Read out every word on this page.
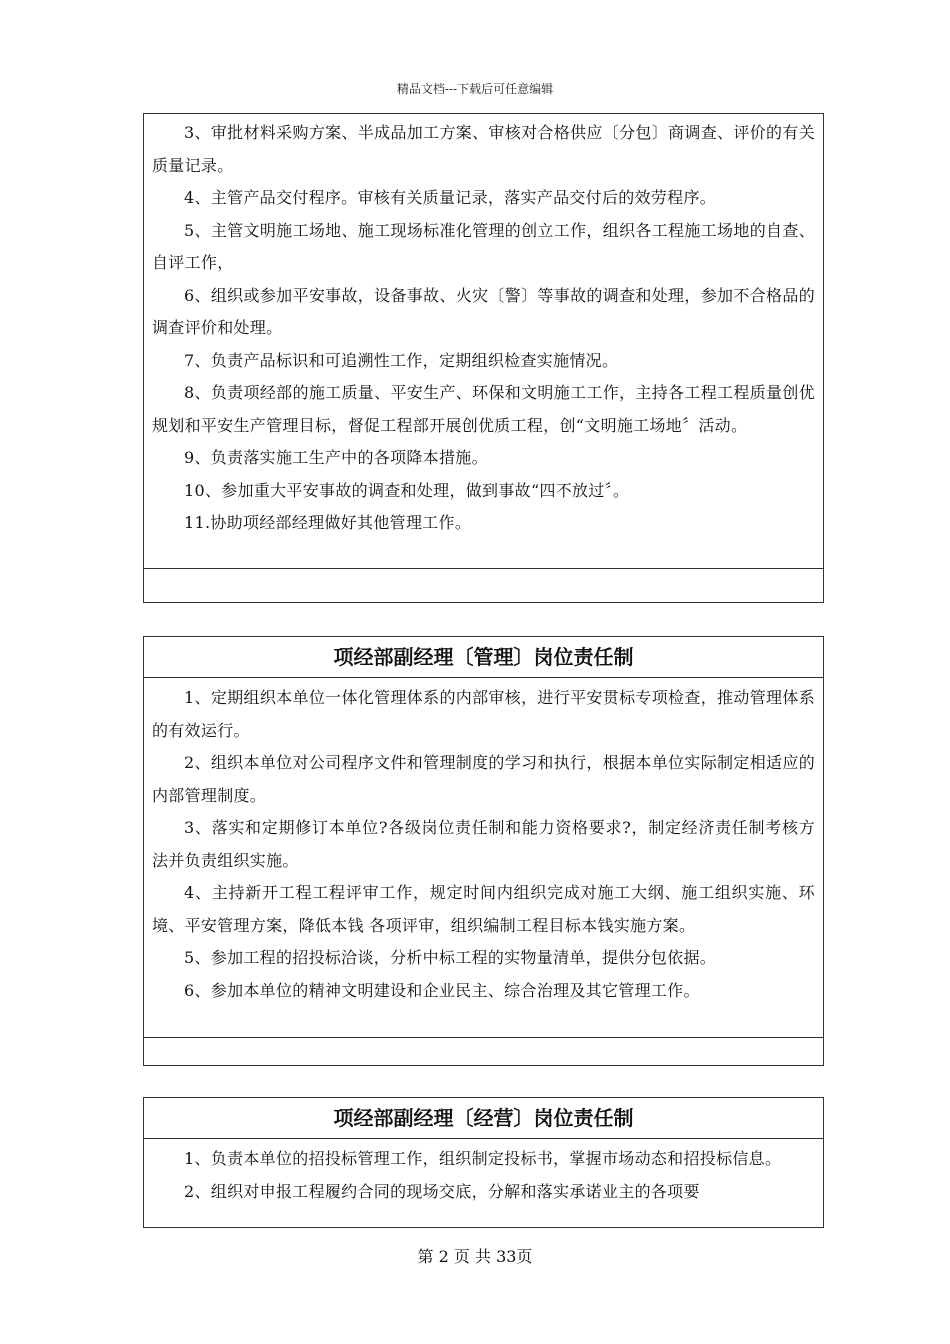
精品文档---下载后可任意编辑

3、审批材料采购方案、半成品加工方案、审核对合格供应〔分包〕商调查、评价的有关质量记录。

4、主管产品交付程序。审核有关质量记录，落实产品交付后的效劳程序。

5、主管文明施工场地、施工现场标准化管理的创立工作，组织各工程施工场地的自查、自评工作，

6、组织或参加平安事故，设备事故、火灾〔警〕等事故的调查和处理，参加不合格品的调查评价和处理。

7、负责产品标识和可追溯性工作，定期组织检查实施情况。

8、负责项经部的施工质量、平安生产、环保和文明施工工作，主持各工程工程质量创优规划和平安生产管理目标，督促工程部开展创优质工程，创“文明施工场地〞活动。

9、负责落实施工生产中的各项降本措施。

10、参加重大平安事故的调查和处理，做到事故“四不放过〞。

11.协助项经部经理做好其他管理工作。

项经部副经理〔管理〕岗位责任制

1、定期组织本单位一体化管理体系的内部审核，进行平安贯标专项检查，推动管理体系的有效运行。

2、组织本单位对公司程序文件和管理制度的学习和执行，根据本单位实际制定相适应的内部管理制度。

3、落实和定期修订本单位?各级岗位责任制和能力资格要求?，制定经济责任制考核方法并负责组织实施。

4、主持新开工程工程评审工作，规定时间内组织完成对施工大纲、施工组织实施、环境、平安管理方案，降低本钱 各项评审，组织编制工程目标本钱实施方案。

5、参加工程的招投标洽谈，分析中标工程的实物量清单，提供分包依据。

6、参加本单位的精神文明建设和企业民主、综合治理及其它管理工作。

项经部副经理〔经营〕岗位责任制

1、负责本单位的招投标管理工作，组织制定投标书，掌握市场动态和招投标信息。

2、组织对申报工程履约合同的现场交底，分解和落实承诺业主的各项要

第 2 页 共 33页
